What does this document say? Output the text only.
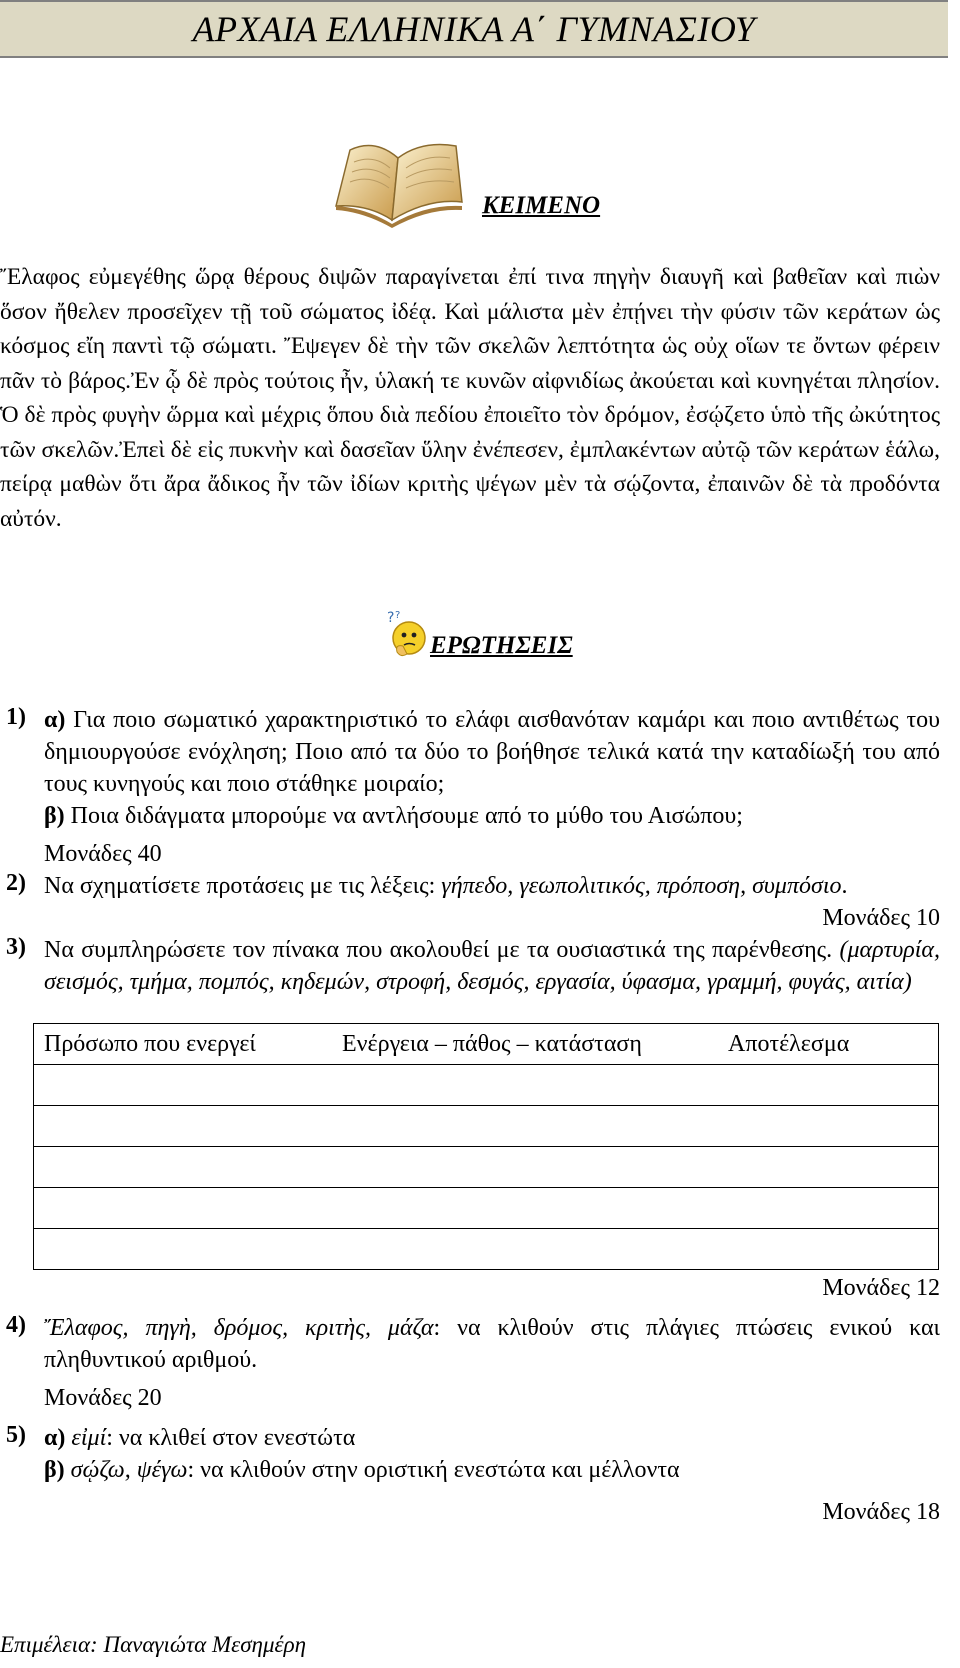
ΑΡΧΑΙΑ ΕΛΛΗΝΙΚΑ Α΄ ΓΥΜΝΑΣΙΟΥ
ΚΕΙΜΕΝΟ

Ἔλαφος εὐμεγέθης ὥρᾳ θέρους διψῶν παραγίνεται ἐπί τινα πηγὴν διαυγῆ καὶ βαθεῖαν καὶ πιὼν ὅσον ἤθελεν προσεῖχεν τῇ τοῦ σώματος ἰδέᾳ. Καὶ μάλιστα μὲν ἐπῄνει τὴν φύσιν τῶν κεράτων ὡς κόσμος εἴη παντὶ τῷ σώματι. Ἔψεγεν δὲ τὴν τῶν σκελῶν λεπτότητα ὡς οὐχ οἵων τε ὄντων φέρειν πᾶν τὸ βάρος.Ἐν ᾧ δὲ πρὸς τούτοις ἦν, ὑλακή τε κυνῶν αἰφνιδίως ἀκούεται καὶ κυνηγέται πλησίον. Ὁ δὲ πρὸς φυγὴν ὥρμα καὶ μέχρις ὅπου διὰ πεδίου ἐποιεῖτο τὸν δρόμον, ἐσῴζετο ὑπὸ τῆς ὠκύτητος τῶν σκελῶν.Ἐπεὶ δὲ εἰς πυκνὴν καὶ δασεῖαν ὕλην ἐνέπεσεν, ἐμπλακέντων αὐτῷ τῶν κεράτων ἑάλω, πείρᾳ μαθὼν ὅτι ἄρα ἄδικος ἦν τῶν ἰδίων κριτὴς ψέγων μὲν τὰ σῴζοντα, ἐπαινῶν δὲ τὰ προδόντα αὐτόν.

? ?
ΕΡΩΤΗΣΕΙΣ
1) α) Για ποιο σωματικό χαρακτηριστικό το ελάφι αισθανόταν καμάρι και ποιο αντιθέτως του δημιουργούσε ενόχληση; Ποιο από τα δύο το βοήθησε τελικά κατά την καταδίωξή του από τους κυνηγούς και ποιο στάθηκε μοιραίο;
β) Ποια διδάγματα μπορούμε να αντλήσουμε από το μύθο του Αισώπου;
Μονάδες 40
2) Να σχηματίσετε προτάσεις με τις λέξεις: γήπεδο, γεωπολιτικός, πρόποση, συμπόσιο.
Μονάδες 10
3) Να συμπληρώσετε τον πίνακα που ακολουθεί με τα ουσιαστικά της παρένθεσης. (μαρτυρία, σεισμός, τμήμα, πομπός, κηδεμών, στροφή, δεσμός, εργασία, ύφασμα, γραμμή, φυγάς, αιτία)
Πρόσωπο που ενεργεί	Ενέργεια – πάθος – κατάσταση	Αποτέλεσμα

Μονάδες 12
4) Ἔλαφος, πηγὴ, δρόμος, κριτὴς, μάζα: να κλιθούν στις πλάγιες πτώσεις ενικού και πληθυντικού αριθμού.
Μονάδες 20
5) α) εἰμί: να κλιθεί στον ενεστώτα
β) σῴζω, ψέγω: να κλιθούν στην οριστική ενεστώτα και μέλλοντα
Μονάδες 18
Επιμέλεια: Παναγιώτα Μεσημέρη
